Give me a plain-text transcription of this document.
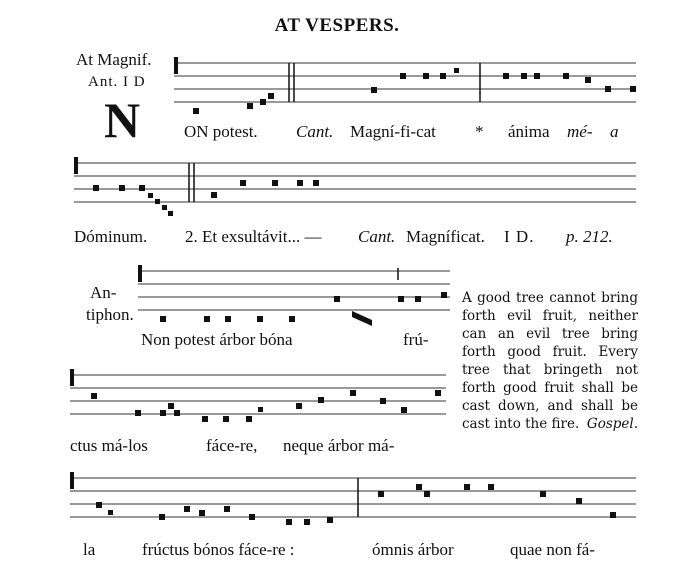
AT VESPERS.
At Magnif.
Ant. I D
N	ON potest. Cant. Magní-fi-cat * ánima mé- a
Dóminum. 2. Et exsultávit... — Cant. Magníficat. I D. p. 212.
An-
tiphon.
Non potest árbor bóna	frú-
ctus má-los	fáce-re, neque árbor má-
la	frúctus bónos fáce-re :	ómnis árbor	quae non fá-
A good tree cannot bring forth evil fruit, neither can an evil tree bring forth good fruit. Every tree that bringeth not forth good fruit shall be cast down, and shall be cast into the fire. Gospel.
